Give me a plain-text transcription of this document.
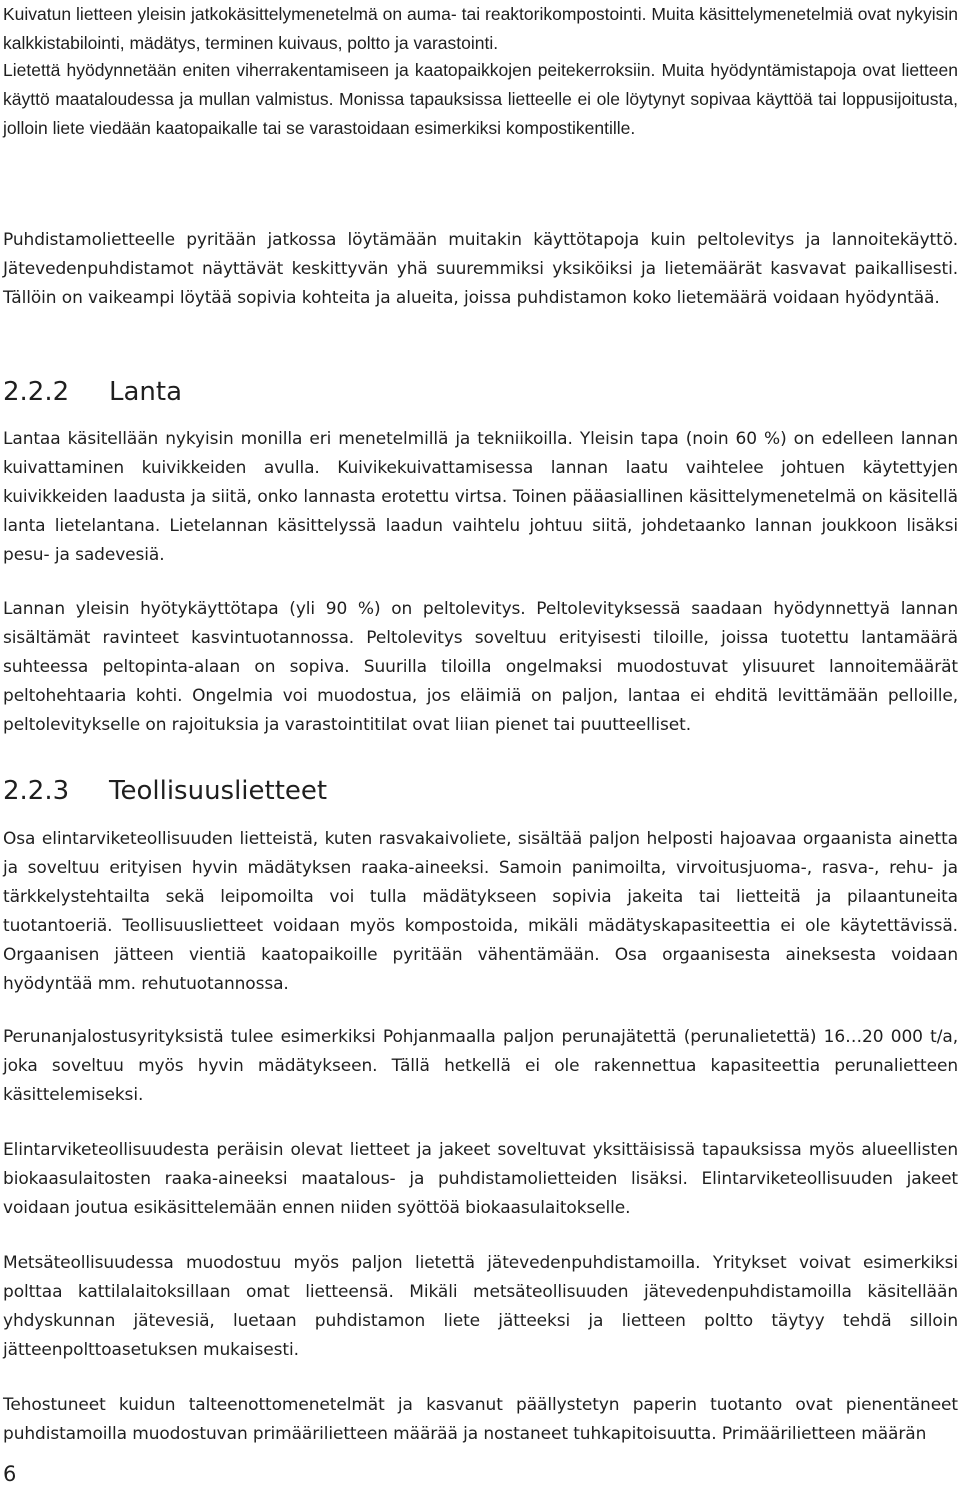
Kuivatun lietteen yleisin jatkokäsittelymenetelmä on auma- tai reaktorikompostointi. Muita käsittelymenetelmiä ovat nykyisin kalkkistabilointi, mädätys, terminen kuivaus, poltto ja varastointi.

Lietettä hyödynnetään eniten viherrakentamiseen ja kaatopaikkojen peitekerroksiin. Muita hyödyntämistapoja ovat lietteen käyttö maataloudessa ja mullan valmistus. Monissa tapauksissa lietteelle ei ole löytynyt sopivaa käyttöä tai loppusijoitusta, jolloin liete viedään kaatopaikalle tai se varastoidaan esimerkiksi kompostikentille.

Puhdistamolietteelle pyritään jatkossa löytämään muitakin käyttötapoja kuin peltolevitys ja lannoitekäyttö. Jätevedenpuhdistamot näyttävät keskittyvän yhä suuremmiksi yksiköiksi ja lietemäärät kasvavat paikallisesti. Tällöin on vaikeampi löytää sopivia kohteita ja alueita, joissa puhdistamon koko lietemäärä voidaan hyödyntää.

2.2.2 Lanta

Lantaa käsitellään nykyisin monilla eri menetelmillä ja tekniikoilla. Yleisin tapa (noin 60 %) on edelleen lannan kuivattaminen kuivikkeiden avulla. Kuivikekuivattamisessa lannan laatu vaihtelee johtuen käytettyjen kuivikkeiden laadusta ja siitä, onko lannasta erotettu virtsa. Toinen pääasiallinen käsittelymenetelmä on käsitellä lanta lietelantana. Lietelannan käsittelyssä laadun vaihtelu johtuu siitä, johdetaanko lannan joukkoon lisäksi pesu- ja sadevesiä.

Lannan yleisin hyötykäyttötapa (yli 90 %) on peltolevitys. Peltolevityksessä saadaan hyödynnettyä lannan sisältämät ravinteet kasvintuotannossa. Peltolevitys soveltuu erityisesti tiloille, joissa tuotettu lantamäärä suhteessa peltopinta-alaan on sopiva. Suurilla tiloilla ongelmaksi muodostuvat ylisuuret lannoitemäärät peltohehtaaria kohti. Ongelmia voi muodostua, jos eläimiä on paljon, lantaa ei ehditä levittämään pelloille, peltolevitykselle on rajoituksia ja varastointitilat ovat liian pienet tai puutteelliset.

2.2.3 Teollisuuslietteet

Osa elintarviketeollisuuden lietteistä, kuten rasvakaivoliete, sisältää paljon helposti hajoavaa orgaanista ainetta ja soveltuu erityisen hyvin mädätyksen raaka-aineeksi. Samoin panimoilta, virvoitusjuoma-, rasva-, rehu- ja tärkkelystehtailta sekä leipomoilta voi tulla mädätykseen sopivia jakeita tai lietteitä ja pilaantuneita tuotantoeriä. Teollisuuslietteet voidaan myös kompostoida, mikäli mädätyskapasiteettia ei ole käytettävissä. Orgaanisen jätteen vientiä kaatopaikoille pyritään vähentämään. Osa orgaanisesta aineksesta voidaan hyödyntää mm. rehutuotannossa.

Perunanjalostusyrityksistä tulee esimerkiksi Pohjanmaalla paljon perunajätettä (perunalietettä) 16…20 000 t/a, joka soveltuu myös hyvin mädätykseen. Tällä hetkellä ei ole rakennettua kapasiteettia perunalietteen käsittelemiseksi.

Elintarviketeollisuudesta peräisin olevat lietteet ja jakeet soveltuvat yksittäisissä tapauksissa myös alueellisten biokaasulaitosten raaka-aineeksi maatalous- ja puhdistamolietteiden lisäksi. Elintarviketeollisuuden jakeet voidaan joutua esikäsittelemään ennen niiden syöttöä biokaasulaitokselle.

Metsäteollisuudessa muodostuu myös paljon lietettä jätevedenpuhdistamoilla. Yritykset voivat esimerkiksi polttaa kattilalaitoksillaan omat lietteensä. Mikäli metsäteollisuuden jätevedenpuhdistamoilla käsitellään yhdyskunnan jätevesiä, luetaan puhdistamon liete jätteeksi ja lietteen poltto täytyy tehdä silloin jätteenpolttoasetuksen mukaisesti.

Tehostuneet kuidun talteenottomenetelmät ja kasvanut päällystetyn paperin tuotanto ovat pienentäneet puhdistamoilla muodostuvan primäärilietteen määrää ja nostaneet tuhkapitoisuutta. Primäärilietteen määrän

6
